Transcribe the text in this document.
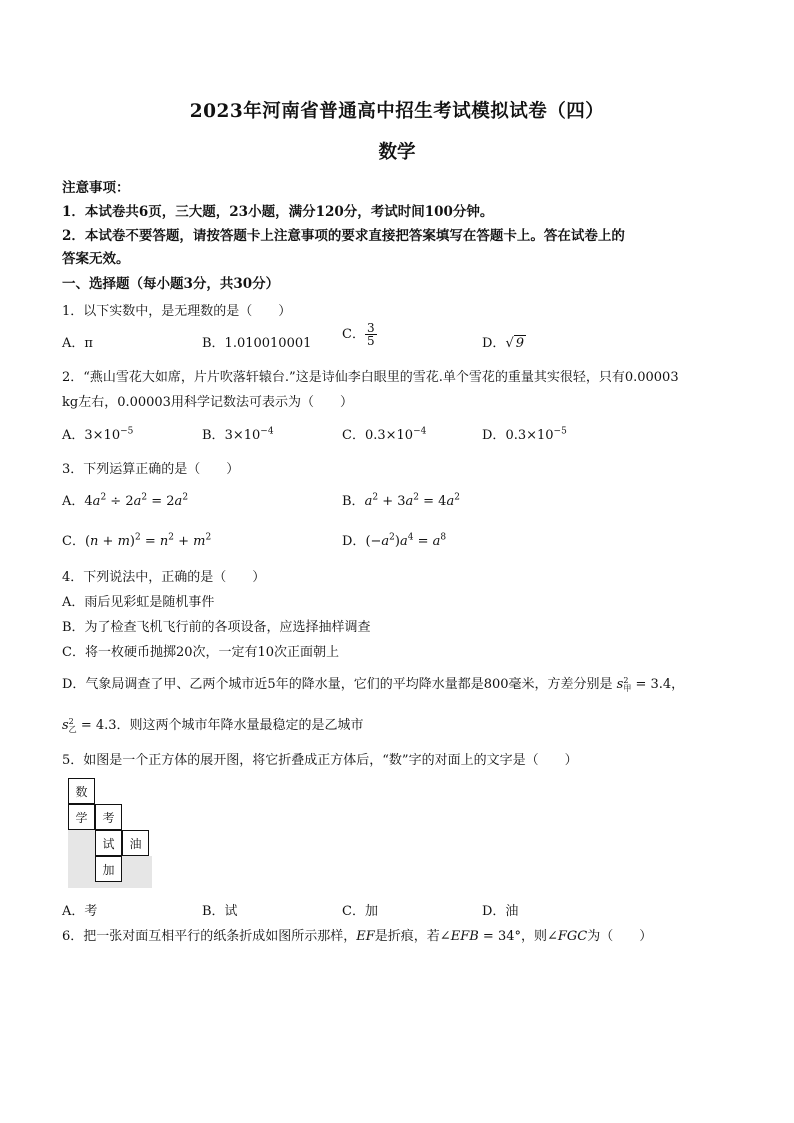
2023年河南省普通高中招生考试模拟试卷（四）
数学
注意事项：
1．本试卷共6页，三大题，23小题，满分120分，考试时间100分钟。
2．本试卷不要答题，请按答题卡上注意事项的要求直接把答案填写在答题卡上。答在试卷上的
答案无效。
一、选择题（每小题3分，共30分）
1．以下实数中，是无理数的是（　　）
A．π	B．1.010010001
C． $\frac{3}{5}$	D．√ 9
2．“燕山雪花大如席，片片吹落轩辕台.”这是诗仙李白眼里的雪花.单个雪花的重量其实很轻，只有0.00003
kg左右，0.00003用科学记数法可表示为（　　）
A．$3\times 10^{-5}$	B．$3\times 10^{-4}$	C．$0.3\times 10^{-4}$	D．$0.3\times 10^{-5}$
3．下列运算正确的是（　　）
A．$4a^2 \div 2a^2 = 2a^2$	B．$a^2 + 3a^2 = 4a^2$
C．$(n + m)^2 = n^2 + m^2$	D．$(-a^2)a^4 = a^8$
4．下列说法中，正确的是（　　）
A．雨后见彩虹是随机事件
B．为了检查飞机飞行前的各项设备，应选择抽样调查
C．将一枚硬币抛掷20次，一定有10次正面朝上
D．气象局调查了甲、乙两个城市近5年的降水量，它们的平均降水量都是800毫米，方差分别是 s 2
甲 = 3.4，
s 2
乙 = 4.3．则这两个城市年降水量最稳定的是乙城市
5．如图是一个正方体的展开图，将它折叠成正方体后，“数”字的对面上的文字是（　　）
数
学	考
试	油
加
A．考	B．试	C．加	D．油
6．把一张对面互相平行的纸条折成如图所示那样，EF是折痕，若∠EFB = 34°，则∠FGC为（　　）
